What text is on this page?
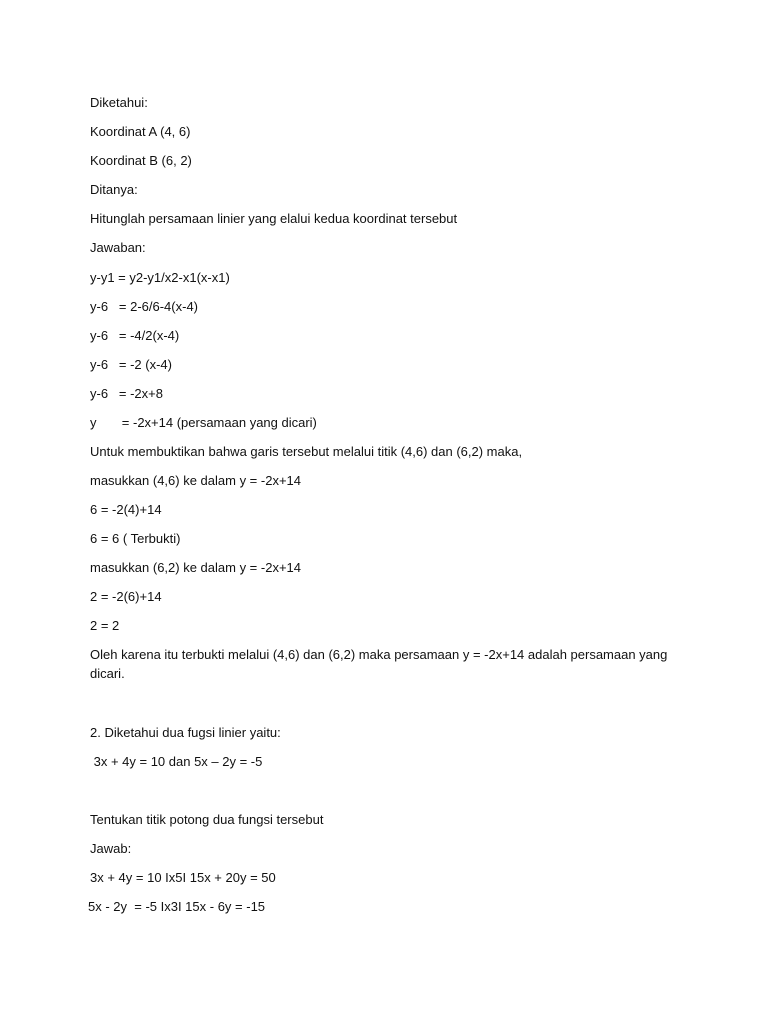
Diketahui:
Koordinat A (4, 6)
Koordinat B (6, 2)
Ditanya:
Hitunglah persamaan linier yang elalui kedua koordinat tersebut
Jawaban:
y-y1 = y2-y1/x2-x1(x-x1)
y-6   = 2-6/6-4(x-4)
y-6   = -4/2(x-4)
y-6   = -2 (x-4)
y-6   = -2x+8
y       = -2x+14 (persamaan yang dicari)
Untuk membuktikan bahwa garis tersebut melalui titik (4,6) dan (6,2) maka,
masukkan (4,6) ke dalam y = -2x+14
6 = -2(4)+14
6 = 6 ( Terbukti)
masukkan (6,2) ke dalam y = -2x+14
2 = -2(6)+14
2 = 2
Oleh karena itu terbukti melalui (4,6) dan (6,2) maka persamaan y = -2x+14 adalah persamaan yang dicari.
2. Diketahui dua fugsi linier yaitu:
3x + 4y = 10 dan 5x – 2y = -5
Tentukan titik potong dua fungsi tersebut
Jawab:
3x + 4y = 10 Ix5I 15x + 20y = 50
5x - 2y  = -5 Ix3I 15x - 6y = -15
